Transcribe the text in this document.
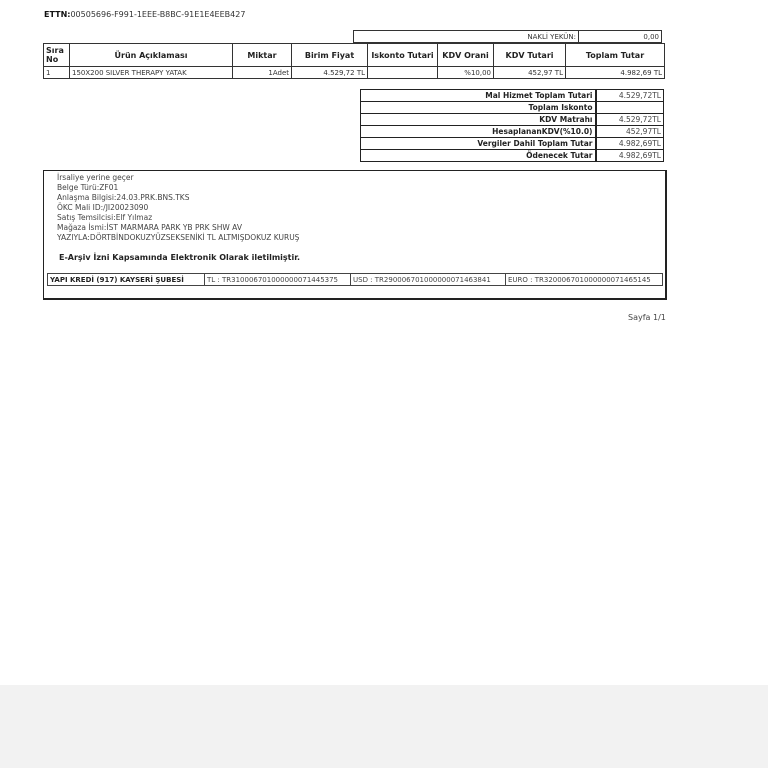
ETTN:00505696-F991-1EEE-B8BC-91E1E4EEB427
NAKLİ YEKÜN:	0,00
Sıra No	Ürün Açıklaması	Miktar	Birim Fiyat	Iskonto Tutari	KDV Orani	KDV Tutari	Toplam Tutar
1	150X200 SILVER THERAPY YATAK	1Adet	4.529,72 TL		%10,00	452,97 TL	4.982,69 TL
Mal Hizmet Toplam Tutari	4.529,72TL
Toplam Iskonto	
KDV Matrahı	4.529,72TL
HesaplananKDV(%10.0)	452,97TL
Vergiler Dahil Toplam Tutar	4.982,69TL
Ödenecek Tutar	4.982,69TL
İrsaliye yerine geçer
Belge Türü:ZF01
Anlaşma Bilgisi:24.03.PRK.BNS.TKS
ÖKC Mali ID:/JI20023090
Satış Temsilcisi:Elf Yılmaz
Mağaza İsmi:İST MARMARA PARK YB PRK SHW AV
YAZIYLA:DÖRTBİNDOKUZYÜZSEKSENİKİ TL ALTMIŞDOKUZ KURUŞ
E-Arşiv İzni Kapsamında Elektronik Olarak iletilmiştir.
YAPI KREDİ (917) KAYSERİ ŞUBESİ	TL : TR310006701000000071445375	USD : TR290006701000000071463841	EURO : TR320006701000000071465145
Sayfa 1/1
